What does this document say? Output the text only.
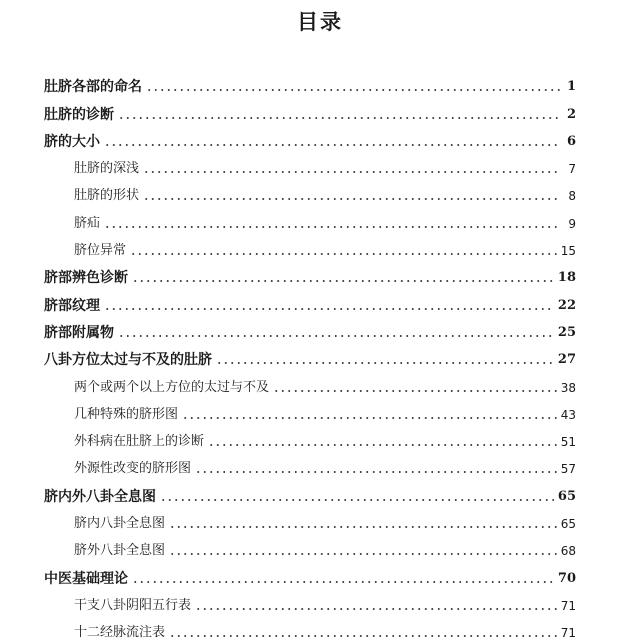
目录
肚脐各部的命名	1
肚脐的诊断	2
脐的大小	6
肚脐的深浅	7
肚脐的形状	8
脐疝	9
脐位异常	15
脐部辨色诊断	18
脐部纹理	22
脐部附属物	25
八卦方位太过与不及的肚脐	27
两个或两个以上方位的太过与不及	38
几种特殊的脐形图	43
外科病在肚脐上的诊断	51
外源性改变的脐形图	57
脐内外八卦全息图	65
脐内八卦全息图	65
脐外八卦全息图	68
中医基础理论	70
干支八卦阴阳五行表	71
十二经脉流注表	71
